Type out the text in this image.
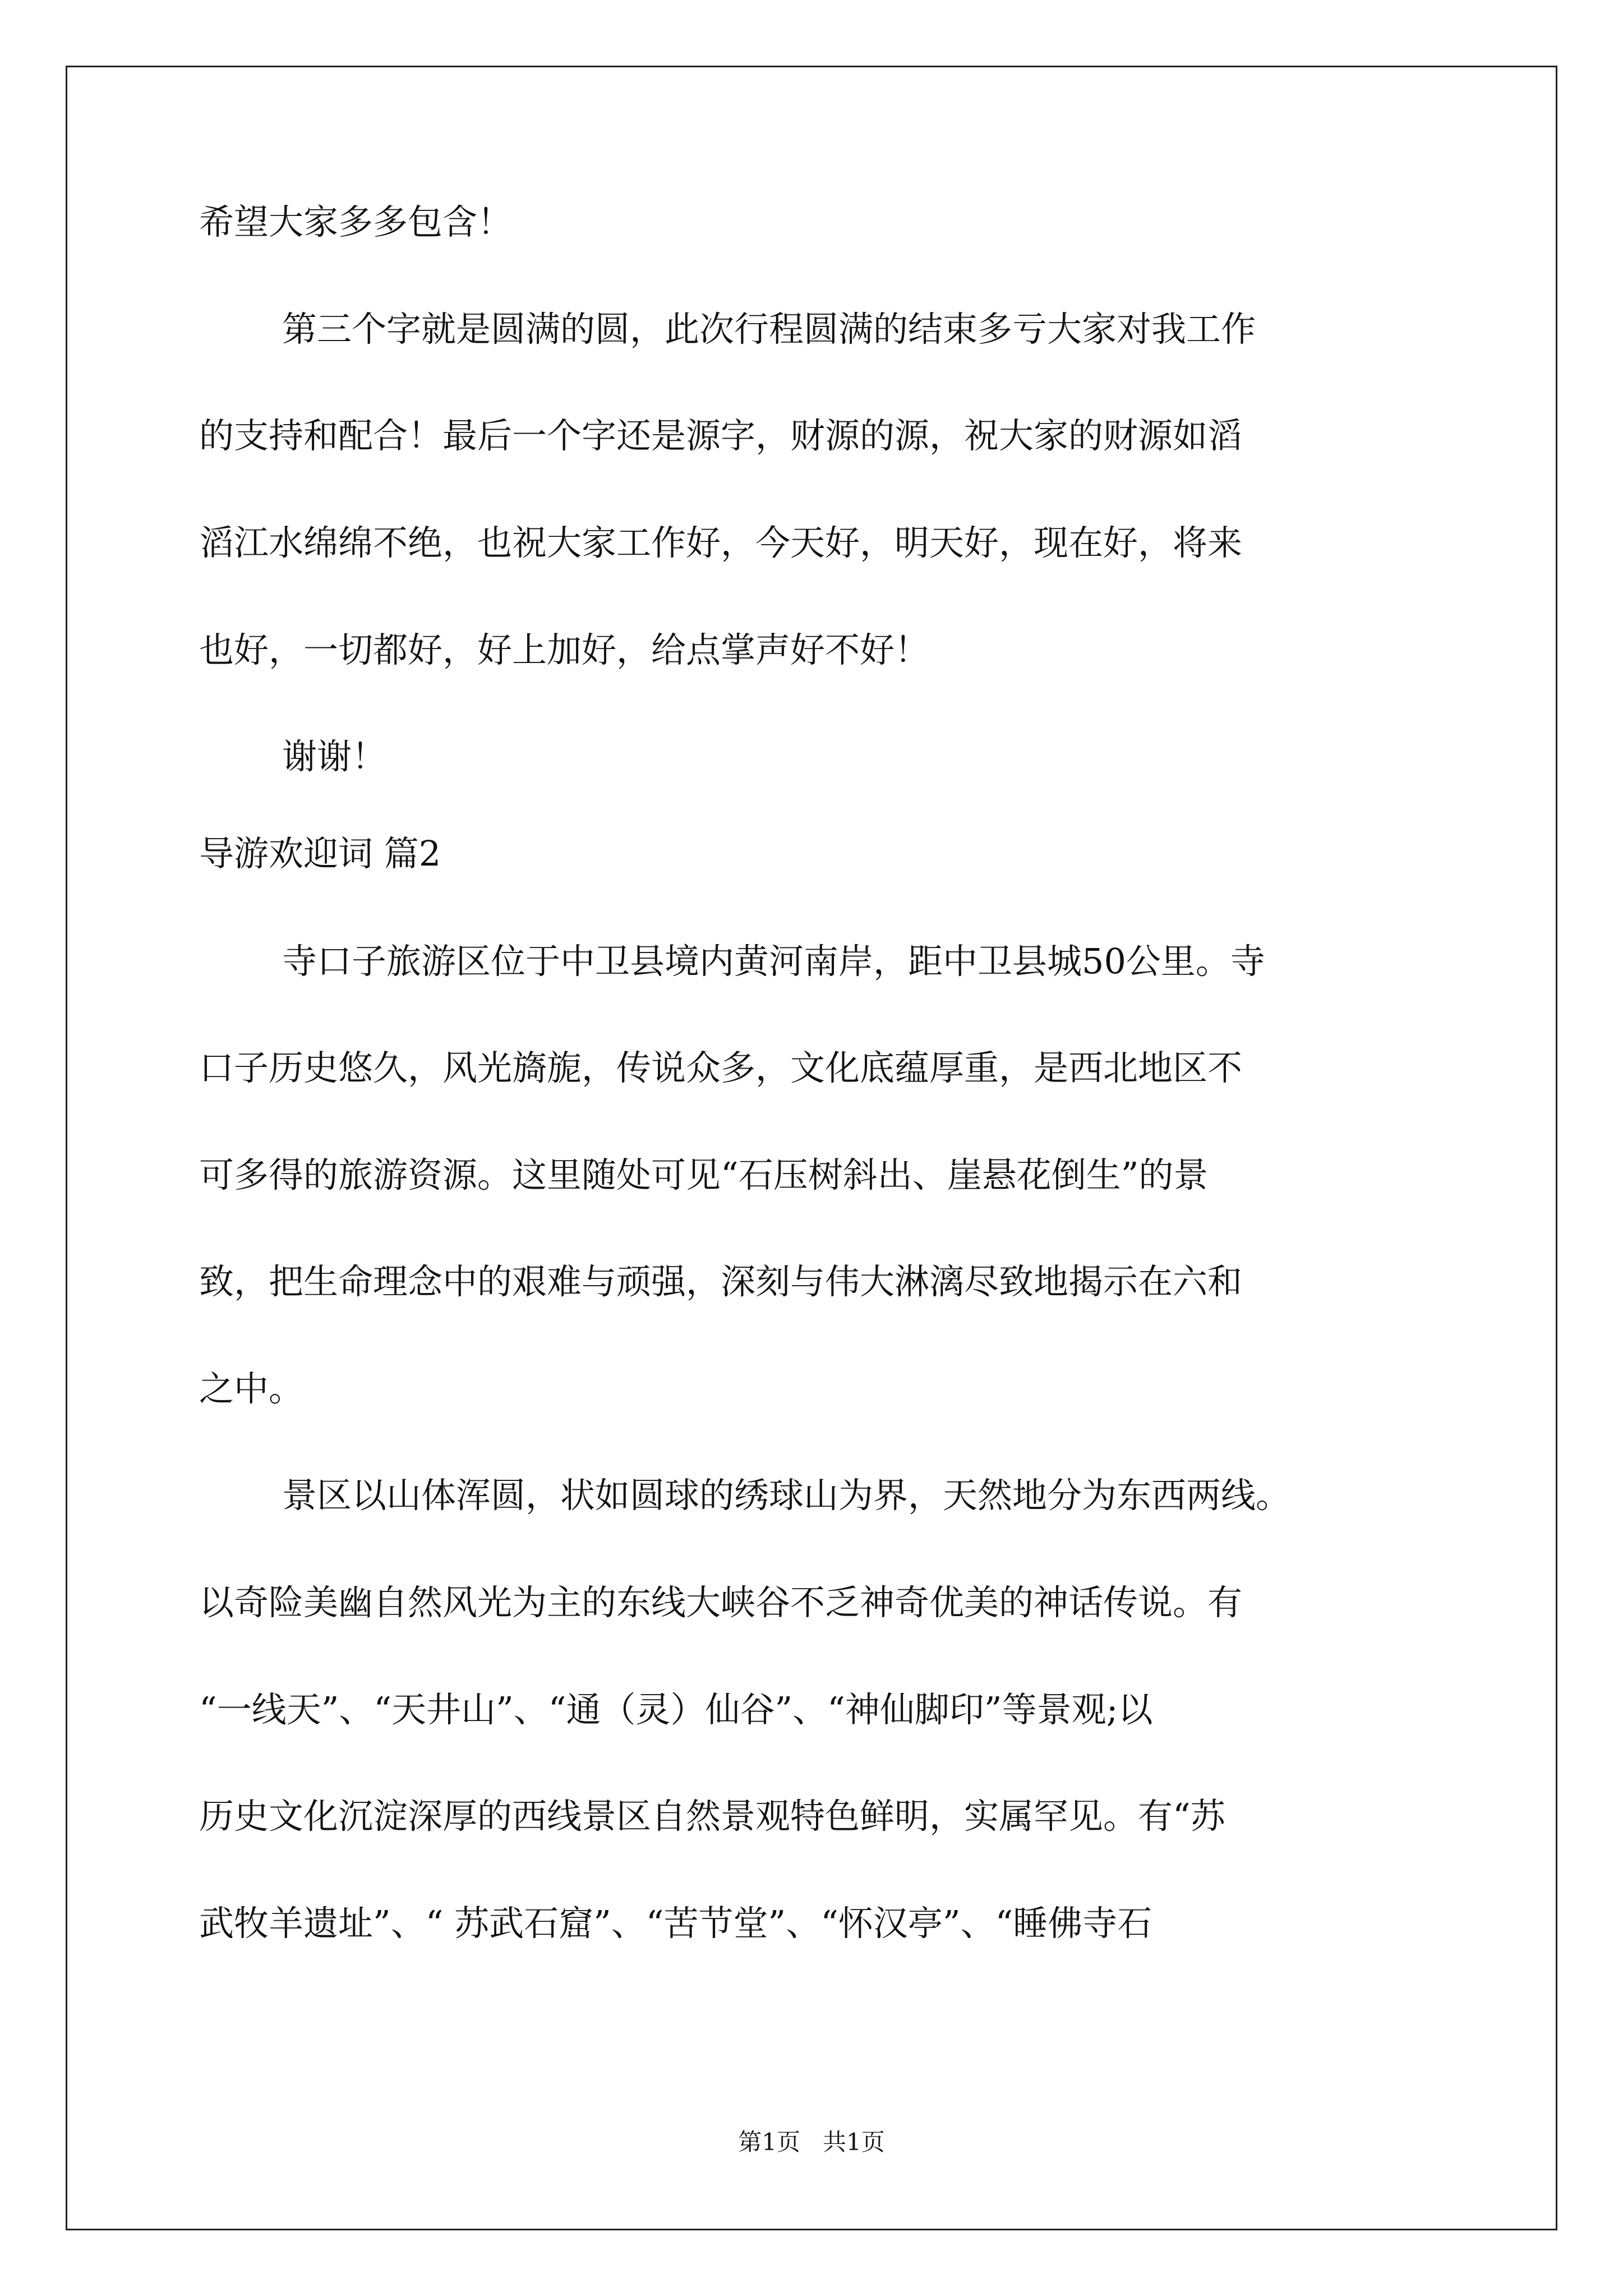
希望大家多多包含！
第三个字就是圆满的圆，此次行程圆满的结束多亏大家对我工作
的支持和配合！最后一个字还是源字，财源的源，祝大家的财源如滔
滔江水绵绵不绝，也祝大家工作好，今天好，明天好，现在好，将来
也好，一切都好，好上加好，给点掌声好不好！
谢谢！
导游欢迎词 篇2
寺口子旅游区位于中卫县境内黄河南岸，距中卫县城50公里。寺
口子历史悠久，风光旖旎，传说众多，文化底蕴厚重，是西北地区不
可多得的旅游资源。这里随处可见“石压树斜出、崖悬花倒生”的景
致，把生命理念中的艰难与顽强，深刻与伟大淋漓尽致地揭示在六和
之中。
景区以山体浑圆，状如圆球的绣球山为界，天然地分为东西两线。
以奇险美幽自然风光为主的东线大峡谷不乏神奇优美的神话传说。有
“一线天”、“天井山”、“通（灵）仙谷”、“神仙脚印”等景观;以
历史文化沉淀深厚的西线景区自然景观特色鲜明，实属罕见。有“苏
武牧羊遗址”、“ 苏武石窟”、“苦节堂”、“怀汉亭”、“睡佛寺石
第1页   共1页
